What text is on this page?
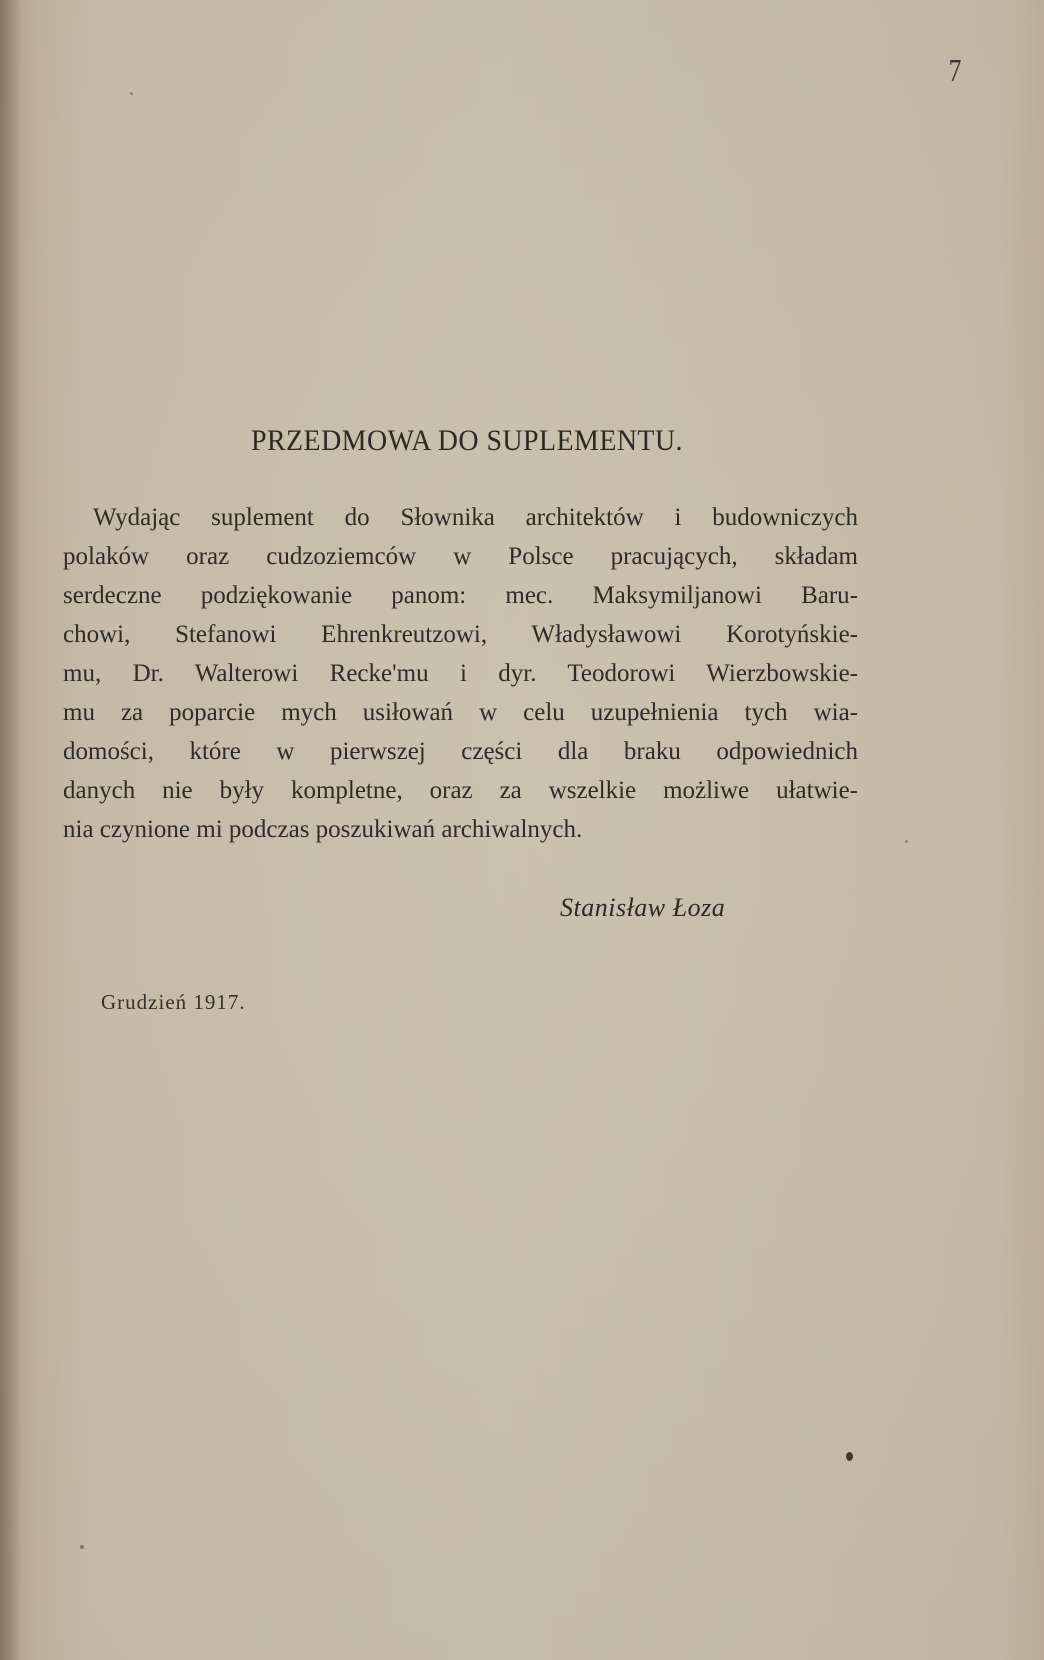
7
PRZEDMOWA DO SUPLEMENTU.
Wydając suplement do Słownika architektów i budowniczych
polaków oraz cudzoziemców w Polsce pracujących, składam
serdeczne podziękowanie panom: mec. Maksymiljanowi Baru-
chowi, Stefanowi Ehrenkreutzowi, Władysławowi Korotyńskie-
mu, Dr. Walterowi Recke'mu i dyr. Teodorowi Wierzbowskie-
mu za poparcie mych usiłowań w celu uzupełnienia tych wia-
domości, które w pierwszej części dla braku odpowiednich
danych nie były kompletne, oraz za wszelkie możliwe ułatwie-
nia czynione mi podczas poszukiwań archiwalnych.
Stanisław Łoza
Grudzień 1917.
